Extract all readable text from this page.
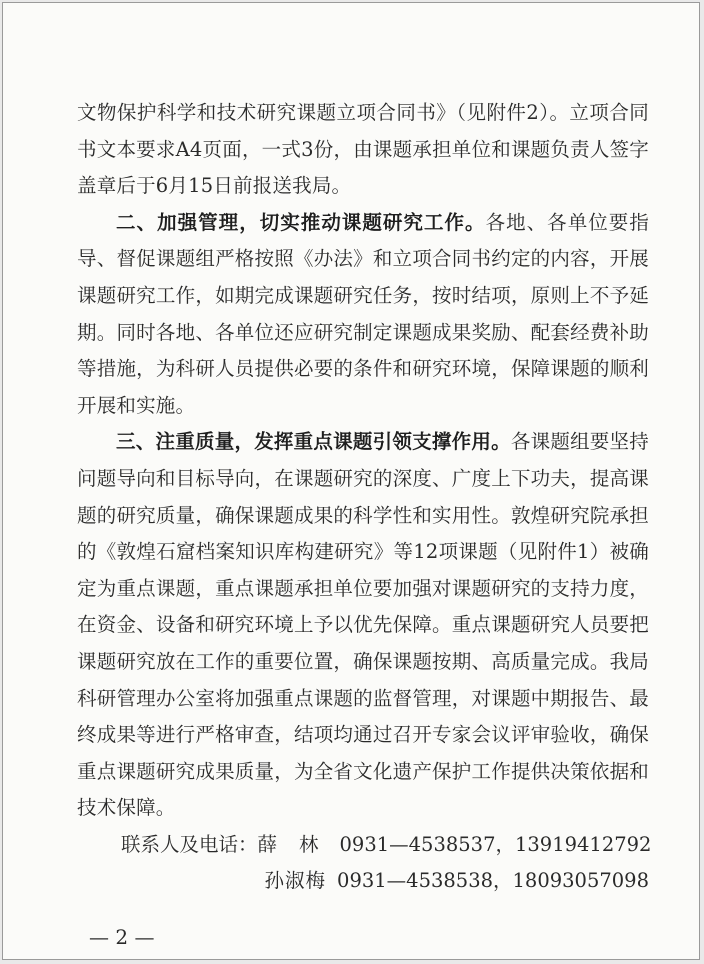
文物保护科学和技术研究课题立项合同书》（见附件2）。立项合同书文本要求A4页面，一式3份，由课题承担单位和课题负责人签字盖章后于6月15日前报送我局。

二、加强管理，切实推动课题研究工作。各地、各单位要指导、督促课题组严格按照《办法》和立项合同书约定的内容，开展课题研究工作，如期完成课题研究任务，按时结项，原则上不予延期。同时各地、各单位还应研究制定课题成果奖励、配套经费补助等措施，为科研人员提供必要的条件和研究环境，保障课题的顺利开展和实施。

三、注重质量，发挥重点课题引领支撑作用。各课题组要坚持问题导向和目标导向，在课题研究的深度、广度上下功夫，提高课题的研究质量，确保课题成果的科学性和实用性。敦煌研究院承担的《敦煌石窟档案知识库构建研究》等12项课题（见附件1）被确定为重点课题，重点课题承担单位要加强对课题研究的支持力度，在资金、设备和研究环境上予以优先保障。重点课题研究人员要把课题研究放在工作的重要位置，确保课题按期、高质量完成。我局科研管理办公室将加强重点课题的监督管理，对课题中期报告、最终成果等进行严格审查，结项均通过召开专家会议评审验收，确保重点课题研究成果质量，为全省文化遗产保护工作提供决策依据和技术保障。

联系人及电话： 薛林
0931—4538537，13919412792
孙淑梅 0931—4538538，18093057098
— 2 —
